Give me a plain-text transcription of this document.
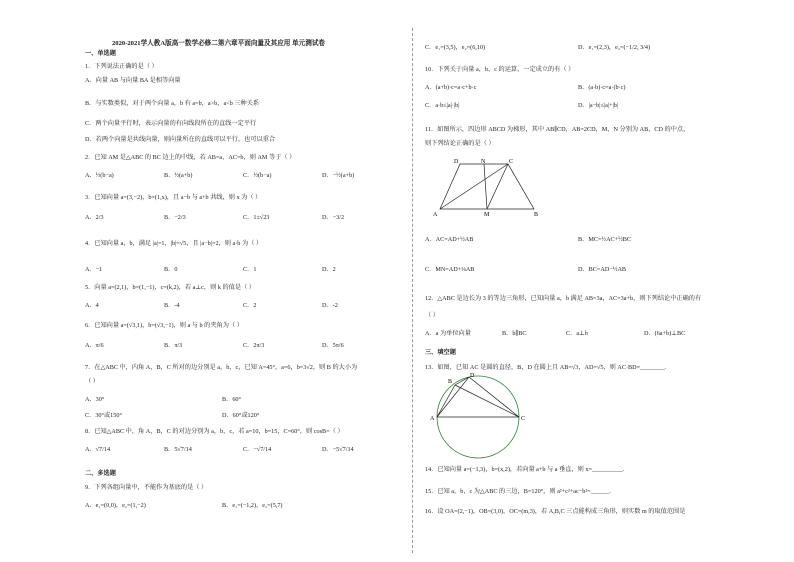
2020-2021学人教A版高一数学必修二第六章平面向量及其应用 单元测试卷
一、单选题
1．下列说法正确的是（ ）
A．向量 AB 与向量 BA 是相等向量
B．与实数类似，对于两个向量 a，b 有 a=b，a>b，a<b 三种关系
C．两个向量平行时，表示向量的有向线段所在的直线一定平行
D．若两个向量是共线向量，则向量所在的直线可以平行，也可以重合
2．已知 AM 是△ABC 的 BC 边上的中线，若 AB=a，AC=b，则 AM 等于（ ）
A．½(b−a)	B．½(a+b)	C．½(b−a)	D．−½(a+b)
3．已知向量 a=(3,−2)，b=(1,x)，且 a−b 与 a+b 共线，则 x 为（ ）
A．2/3	B．−2/3	C．1±√23	D．−3/2
4．已知向量 a，b，满足 |a|=1，|b|=√5，且 |a−b|=2，则 a·b 为（ ）
A．−1	B．0	C．1	D．2
5．向量 a=(2,1)，b=(1,−1)，c=(k,2)，若 a⊥c，则 k 的值是（ ）
A．4	B．-4	C．2	D．-2
6．已知向量 a=(√3,1)，b=(√3,−1)，则 a 与 b 的夹角为（ ）
A．π/6	B．π/3	C．2π/3	D．5π/6
7．在△ABC 中，内角 A，B，C 所对的边分别是 a，b，c，已知 A=45°，a=6，b=3√2，则 B 的大小为
（ ）
A．30°	B．60°
C．30°或150°	D．60°或120°
8．已知△ABC 中，角 A，B，C 的对边分别为 a，b，c，若 a=10，b=15，C=60°，则 cosB=（ ）
A．√7/14	B．5√7/14	C．−√7/14	D．−5√7/14
二、多选题
9．下列各组向量中，不能作为基底的是（ ）
A．e₁=(0,0)，e₂=(1,−2)	B．e₁=(−1,2)，e₂=(5,7)
C．e₁=(3,5)，e₂=(6,10)	D．e₁=(2,3)，e₂=(−1/2, 3/4)
10．下列关于向量 a，b，c 的运算，一定成立的有（ ）
A．(a+b)·c=a·c+b·c	B．(a·b)·c=a·(b·c)
C．a·b≤|a|·|b|	D．|a−b|≤|a|+|b|
11．如图所示，四边形 ABCD 为梯形，其中 AB∥CD，AB=2CD，M，N 分别为 AB，CD 的中点，
则下列结论正确的是（ ）
D	N	C
A	M	B
A．AC=AD+½AB	B．MC=½AC+½BC
C．MN=AD+¼AB	D．BC=AD−½AB
12．△ABC 是边长为 3 的等边三角形，已知向量 a，b 满足 AB=3a，AC=3a+b，则下列结论中正确的有
（ ）
A．a 为单位向量	B．b∥BC	C．a⊥b	D．(6a+b)⊥BC
三、填空题
13．如图，已知 AC 是圆的直径，B，D 在圆上且 AB=√3，AD=√5，则 AC·BD=________.
A
B
D
C
14．已知向量 a=(−1,3)，b=(x,2)，若向量 a+b 与 a 垂直，则 x=__________.
15．已知 a，b，c 为△ABC 的三边，B=120°，则 a²+c²+ac−b²=______.
16．设 OA=(2,−1)，OB=(3,0)，OC=(m,3)，若 A,B,C 三点能构成三角形，则实数 m 的取值范围是
